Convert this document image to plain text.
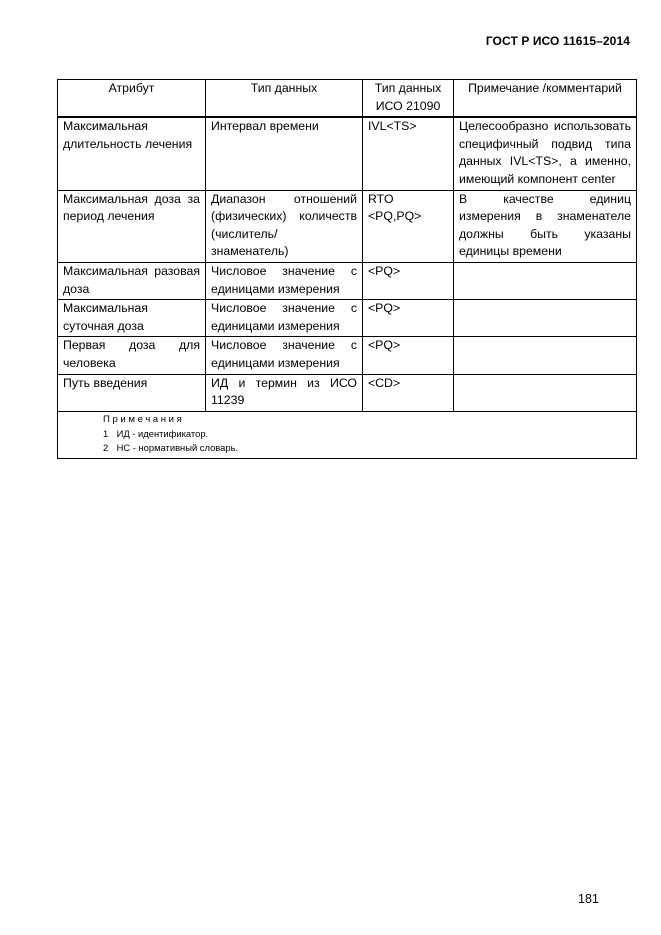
ГОСТ Р ИСО 11615–2014
Атрибут	Тип данных	Тип данных ИСО 21090	Примечание /комментарий
Максимальная длительность лечения	Интервал времени	IVL<TS>	Целесообразно использовать специфичный подвид типа данных IVL<TS>, а именно, имеющий компонент center
Максимальная доза за период лечения	Диапазон отношений (физических) количеств (числитель/ знаменатель)	RTO <PQ,PQ>	В качестве единиц измерения в знаменателе должны быть указаны единицы времени
Максимальная разовая доза	Числовое значение с единицами измерения	<PQ>	
Максимальная суточная доза	Числовое значение с единицами измерения	<PQ>	
Первая доза для человека	Числовое значение с единицами измерения	<PQ>	
Путь введения	ИД и термин из ИСО 11239	<CD>	

Примечания
1 ИД - идентификатор.
2 НС - нормативный словарь.			
181
